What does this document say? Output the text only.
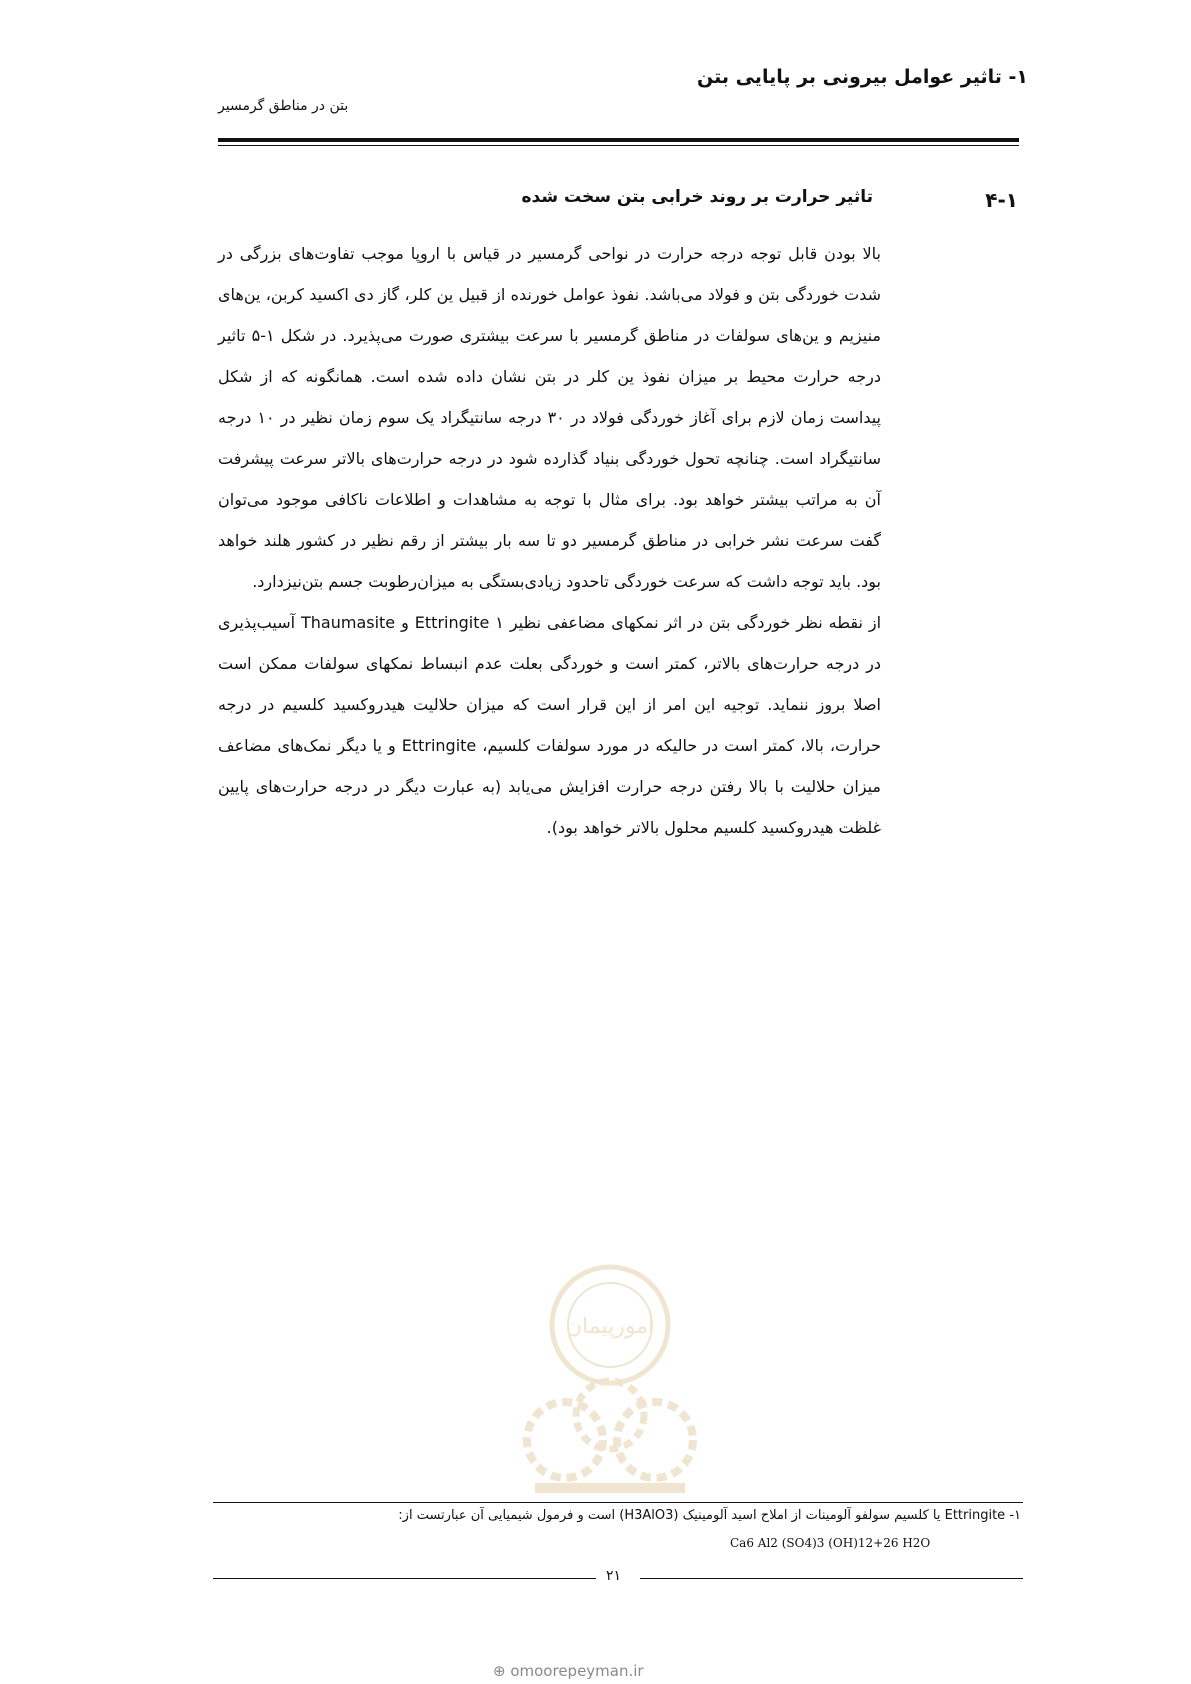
۱- تاثیر عوامل بیرونی بر پایایی بتن
بتن در مناطق گرمسیر
۴-۱
تاثیر حرارت بر روند خرابی بتن سخت شده

بالا بودن قابل توجه درجه حرارت در نواحی گرمسیر در قیاس با اروپا موجب تفاوت‌های بزرگی در شدت خوردگی بتن و فولاد می‌باشد. نفوذ عوامل خورنده از قبیل ین کلر، گاز دی اکسید کربن، ین‌های منیزیم و ین‌های سولفات در مناطق گرمسیر با سرعت بیشتری صورت می‌پذیرد. در شکل ۱-۵ تاثیر درجه حرارت محیط بر میزان نفوذ ین کلر در بتن نشان داده شده است. همانگونه که از شکل پیداست زمان لازم برای آغاز خوردگی فولاد در ۳۰ درجه سانتیگراد یک سوم زمان نظیر در ۱۰ درجه سانتیگراد است. چنانچه تحول خوردگی بنیاد گذارده شود در درجه حرارت‌های بالاتر سرعت پیشرفت آن به مراتب بیشتر خواهد بود. برای مثال با توجه به مشاهدات و اطلاعات ناکافی موجود می‌توان گفت سرعت نشر خرابی در مناطق گرمسیر دو تا سه بار بیشتر از رقم نظیر در کشور هلند خواهد بود. باید توجه داشت که سرعت خوردگی تاحدود زیادی‌بستگی به میزان‌رطوبت جسم بتن‌نیزدارد.

از نقطه نظر خوردگی بتن در اثر نمکهای مضاعفی نظیر Ettringite ۱ و Thaumasite آسیب‌پذیری در درجه حرارت‌های بالاتر، کمتر است و خوردگی بعلت عدم انبساط نمکهای سولفات ممکن است اصلا بروز ننماید. توجیه این امر از این قرار است که میزان حلالیت هیدروکسید کلسیم در درجه حرارت، بالا، کمتر است در حالیکه در مورد سولفات کلسیم، Ettringite و یا دیگر نمک‌های مضاعف میزان حلالیت با بالا رفتن درجه حرارت افزایش می‌یابد (به عبارت دیگر در درجه حرارت‌های پایین غلظت هیدروکسید کلسیم محلول بالاتر خواهد بود).

امورپیمان
۱- Ettringite یا کلسیم سولفو آلومینات از املاح اسید آلومینیک (H3AlO3) است و فرمول شیمیایی آن عبارتست از:
Ca6 Al2 (SO4)3 (OH)12+26 H2O
۲۱
⊕ omoorepeyman.ir
